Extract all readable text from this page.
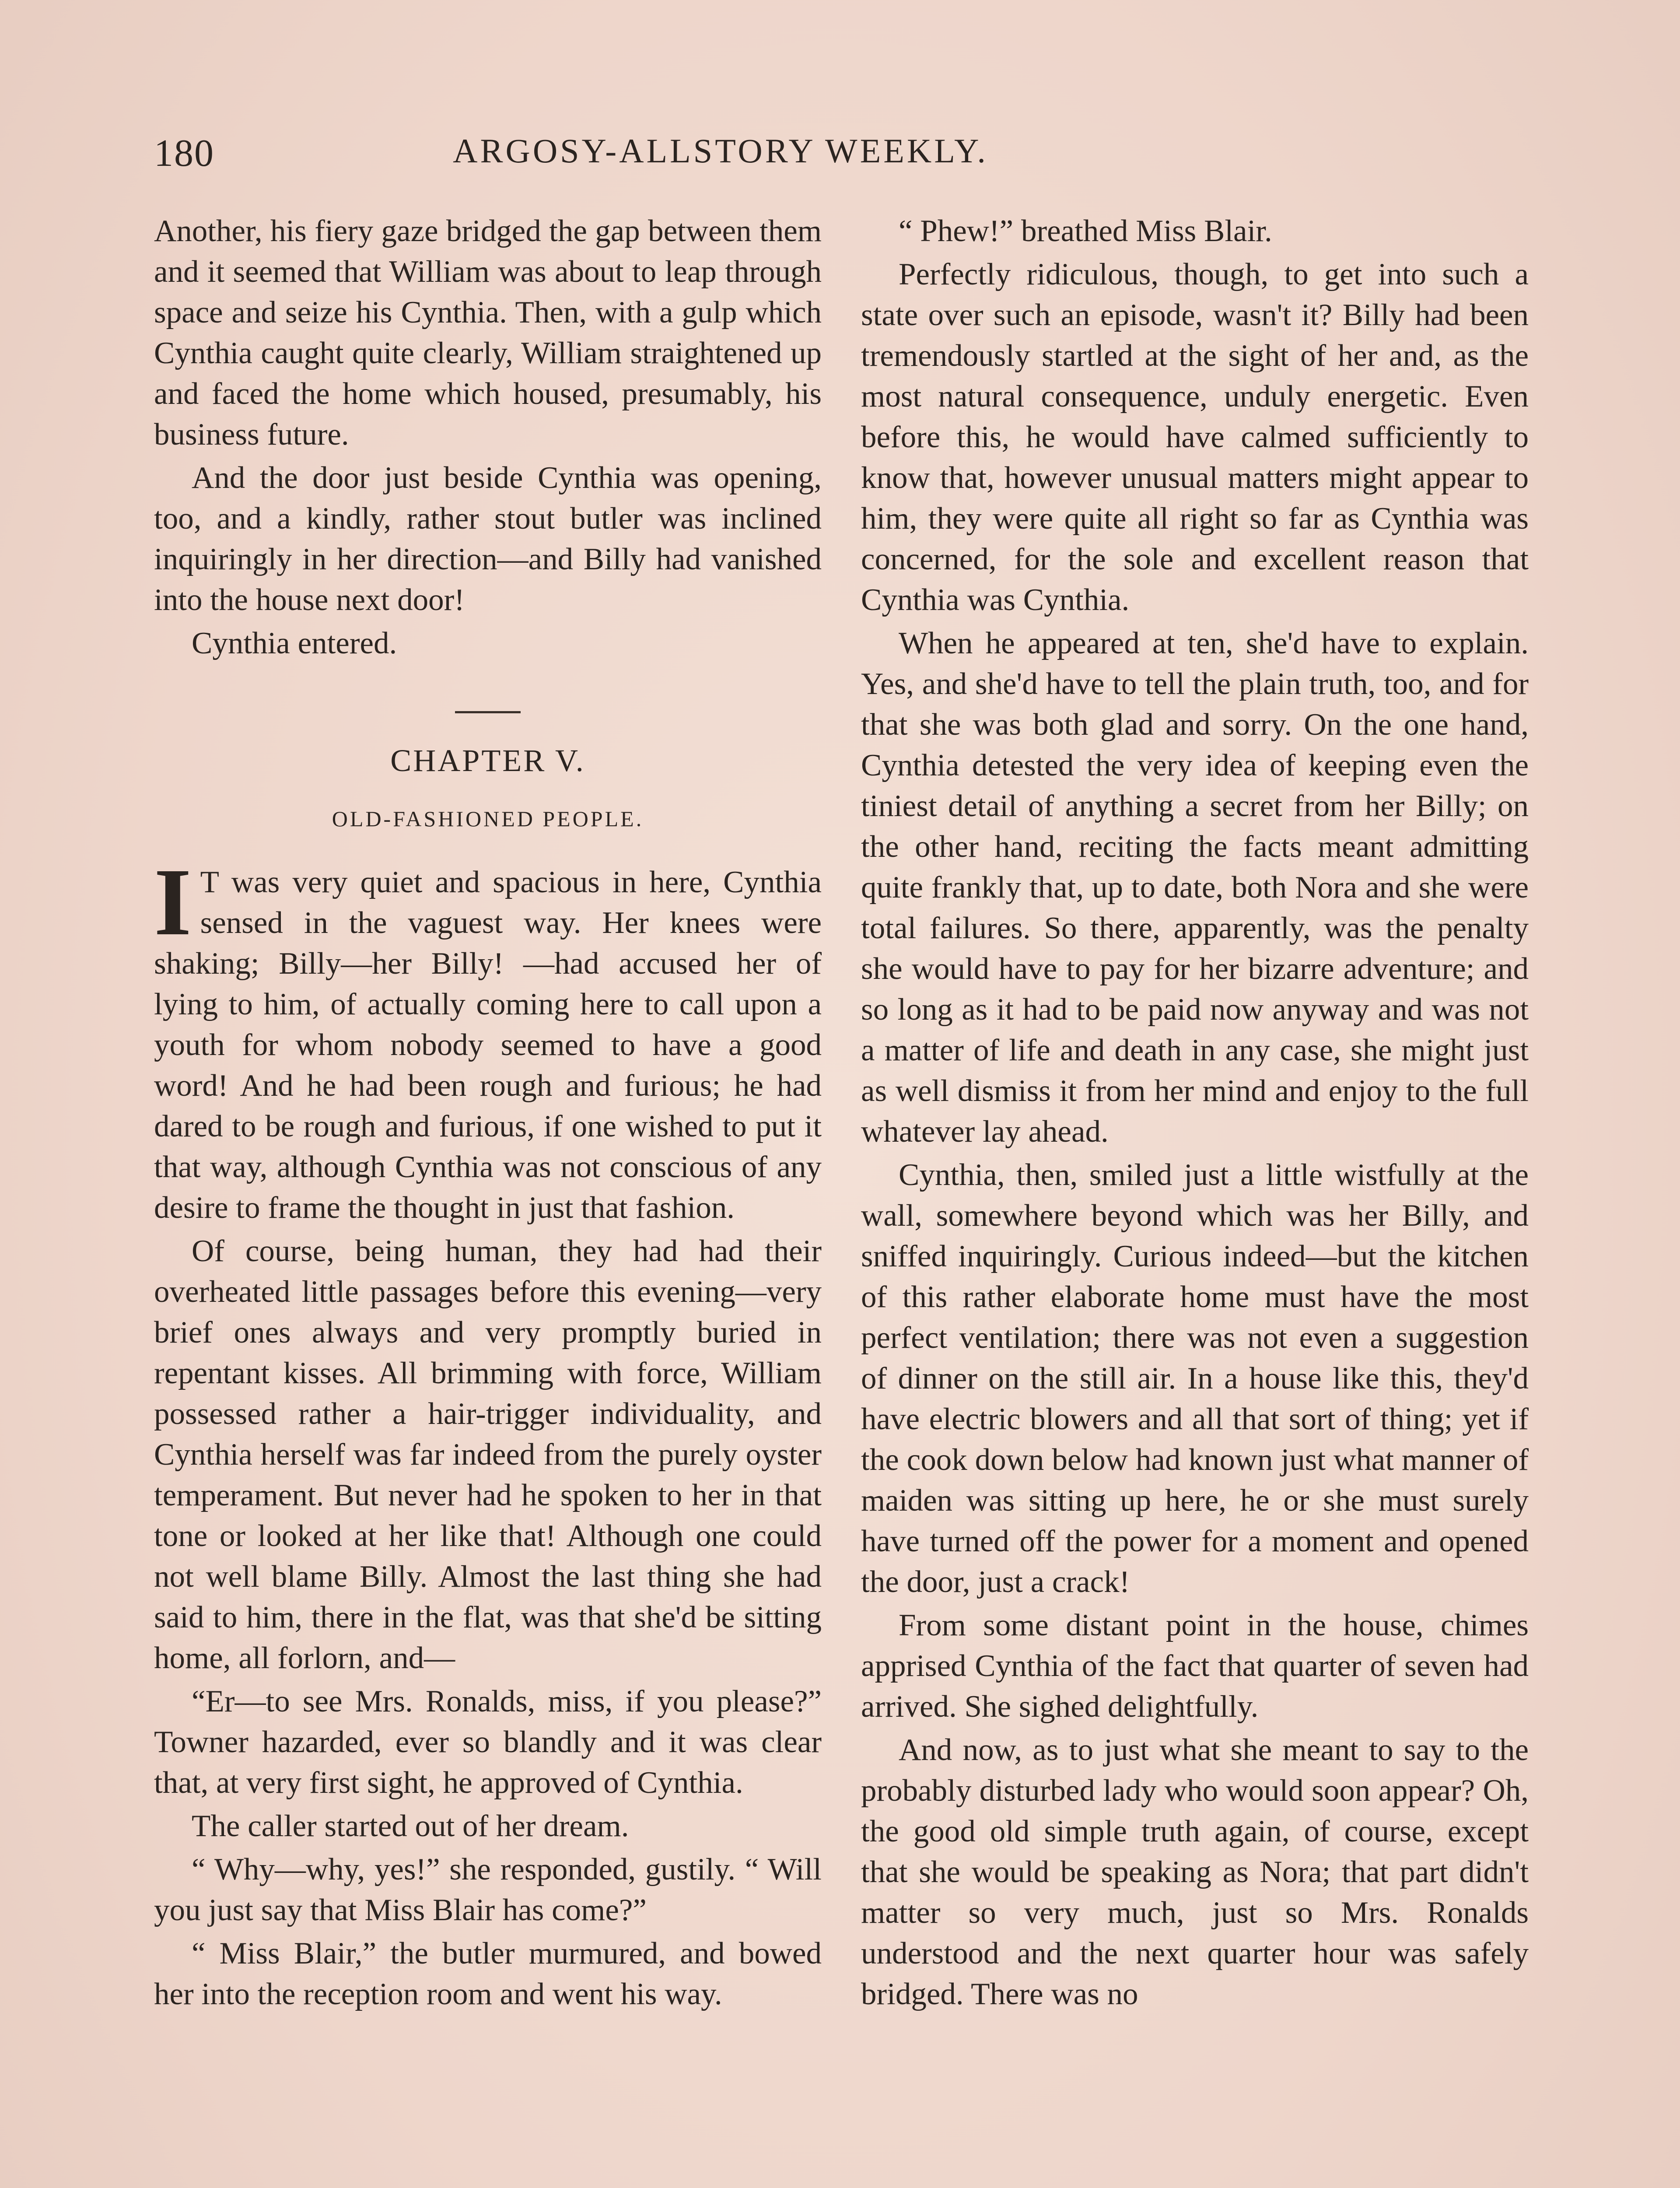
180	ARGOSY-ALLSTORY WEEKLY.

Another, his fiery gaze bridged the gap between them and it seemed that William was about to leap through space and seize his Cynthia. Then, with a gulp which Cynthia caught quite clearly, William straightened up and faced the home which housed, presumably, his business future.

And the door just beside Cynthia was opening, too, and a kindly, rather stout butler was inclined inquiringly in her direction—and Billy had vanished into the house next door!

Cynthia entered.

CHAPTER V.
OLD-FASHIONED PEOPLE.

I T was very quiet and spacious in here, Cynthia sensed in the vaguest way. Her knees were shaking; Billy—her Billy! —had accused her of lying to him, of actually coming here to call upon a youth for whom nobody seemed to have a good word! And he had been rough and furious; he had dared to be rough and furious, if one wished to put it that way, although Cynthia was not conscious of any desire to frame the thought in just that fashion.

Of course, being human, they had had their overheated little passages before this evening—very brief ones always and very promptly buried in repentant kisses. All brimming with force, William possessed rather a hair-trigger individuality, and Cynthia herself was far indeed from the purely oyster temperament. But never had he spoken to her in that tone or looked at her like that! Although one could not well blame Billy. Almost the last thing she had said to him, there in the flat, was that she'd be sitting home, all forlorn, and—

“Er—to see Mrs. Ronalds, miss, if you please?” Towner hazarded, ever so blandly and it was clear that, at very first sight, he approved of Cynthia.

The caller started out of her dream.

“ Why—why, yes!” she responded, gustily. “ Will you just say that Miss Blair has come?”

“ Miss Blair,” the butler murmured, and bowed her into the reception room and went his way.

“ Phew!” breathed Miss Blair.

Perfectly ridiculous, though, to get into such a state over such an episode, wasn't it? Billy had been tremendously startled at the sight of her and, as the most natural consequence, unduly energetic. Even before this, he would have calmed sufficiently to know that, however unusual matters might appear to him, they were quite all right so far as Cynthia was concerned, for the sole and excellent reason that Cynthia was Cynthia.

When he appeared at ten, she'd have to explain. Yes, and she'd have to tell the plain truth, too, and for that she was both glad and sorry. On the one hand, Cynthia detested the very idea of keeping even the tiniest detail of anything a secret from her Billy; on the other hand, reciting the facts meant admitting quite frankly that, up to date, both Nora and she were total failures. So there, apparently, was the penalty she would have to pay for her bizarre adventure; and so long as it had to be paid now anyway and was not a matter of life and death in any case, she might just as well dismiss it from her mind and enjoy to the full whatever lay ahead.

Cynthia, then, smiled just a little wistfully at the wall, somewhere beyond which was her Billy, and sniffed inquiringly. Curious indeed—but the kitchen of this rather elaborate home must have the most perfect ventilation; there was not even a suggestion of dinner on the still air. In a house like this, they'd have electric blowers and all that sort of thing; yet if the cook down below had known just what manner of maiden was sitting up here, he or she must surely have turned off the power for a moment and opened the door, just a crack!

From some distant point in the house, chimes apprised Cynthia of the fact that quarter of seven had arrived. She sighed delightfully.

And now, as to just what she meant to say to the probably disturbed lady who would soon appear? Oh, the good old simple truth again, of course, except that she would be speaking as Nora; that part didn't matter so very much, just so Mrs. Ronalds understood and the next quarter hour was safely bridged. There was no
